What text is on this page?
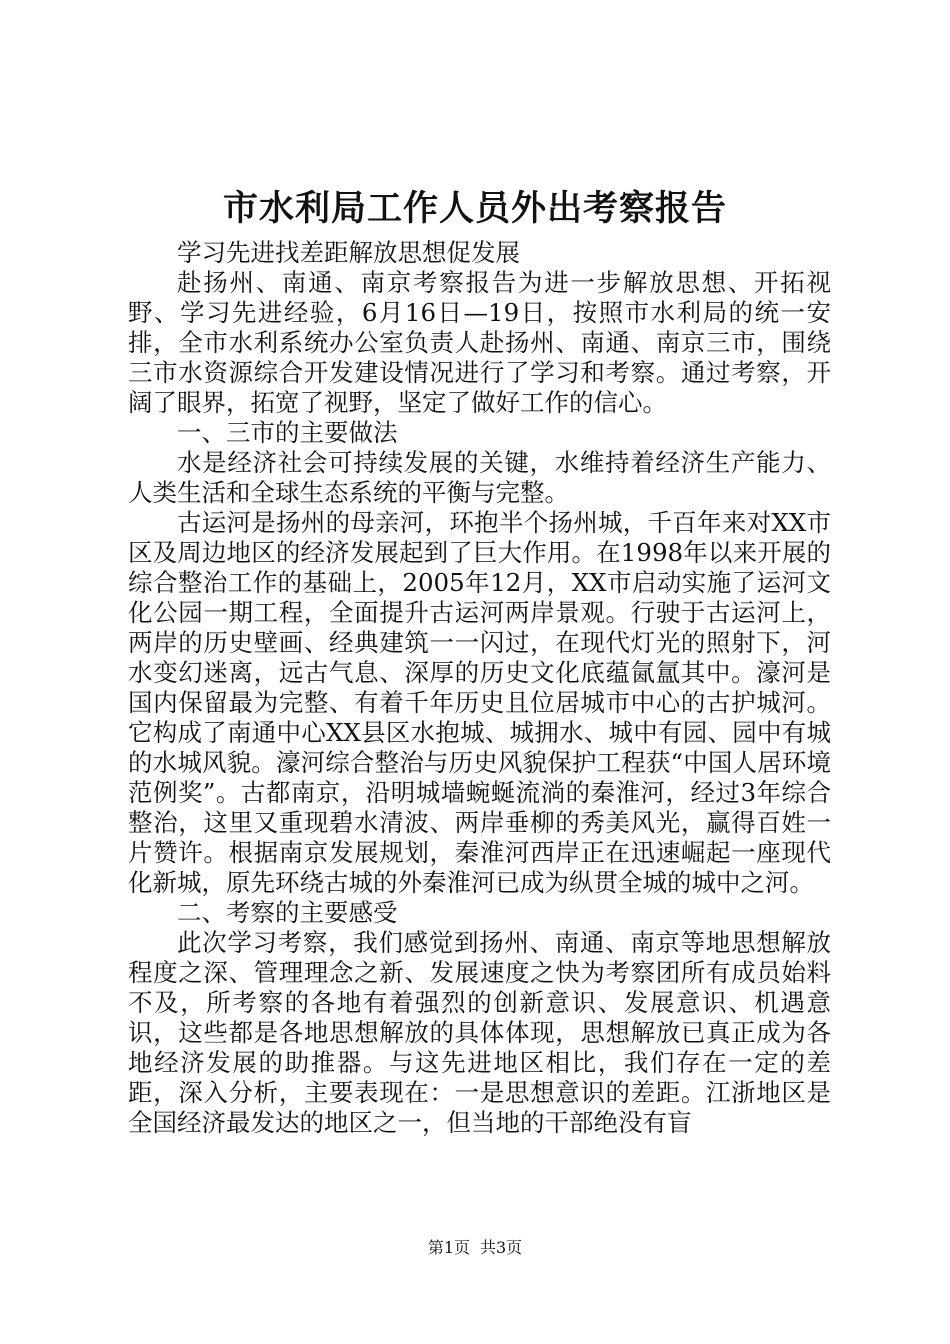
市水利局工作人员外出考察报告

学习先进找差距解放思想促发展

赴扬州、南通、南京考察报告为进一步解放思想、开拓视野、学习先进经验，6月16日—19日，按照市水利局的统一安排，全市水利系统办公室负责人赴扬州、南通、南京三市，围绕三市水资源综合开发建设情况进行了学习和考察。通过考察，开阔了眼界，拓宽了视野，坚定了做好工作的信心。

一、三市的主要做法

水是经济社会可持续发展的关键，水维持着经济生产能力、人类生活和全球生态系统的平衡与完整。

古运河是扬州的母亲河，环抱半个扬州城，千百年来对XX市区及周边地区的经济发展起到了巨大作用。在1998年以来开展的综合整治工作的基础上，2005年12月，XX市启动实施了运河文化公园一期工程，全面提升古运河两岸景观。行驶于古运河上，两岸的历史壁画、经典建筑一一闪过，在现代灯光的照射下，河水变幻迷离，远古气息、深厚的历史文化底蕴氤氲其中。濠河是国内保留最为完整、有着千年历史且位居城市中心的古护城河。它构成了南通中心XX县区水抱城、城拥水、城中有园、园中有城的水城风貌。濠河综合整治与历史风貌保护工程获“中国人居环境范例奖”。古都南京，沿明城墙蜿蜒流淌的秦淮河，经过3年综合整治，这里又重现碧水清波、两岸垂柳的秀美风光，赢得百姓一片赞许。根据南京发展规划，秦淮河西岸正在迅速崛起一座现代化新城，原先环绕古城的外秦淮河已成为纵贯全城的城中之河。

二、考察的主要感受

此次学习考察，我们感觉到扬州、南通、南京等地思想解放程度之深、管理理念之新、发展速度之快为考察团所有成员始料不及，所考察的各地有着强烈的创新意识、发展意识、机遇意识，这些都是各地思想解放的具体体现，思想解放已真正成为各地经济发展的助推器。与这先进地区相比，我们存在一定的差距，深入分析，主要表现在：一是思想意识的差距。江浙地区是全国经济最发达的地区之一，但当地的干部绝没有盲

第1页 共3页
